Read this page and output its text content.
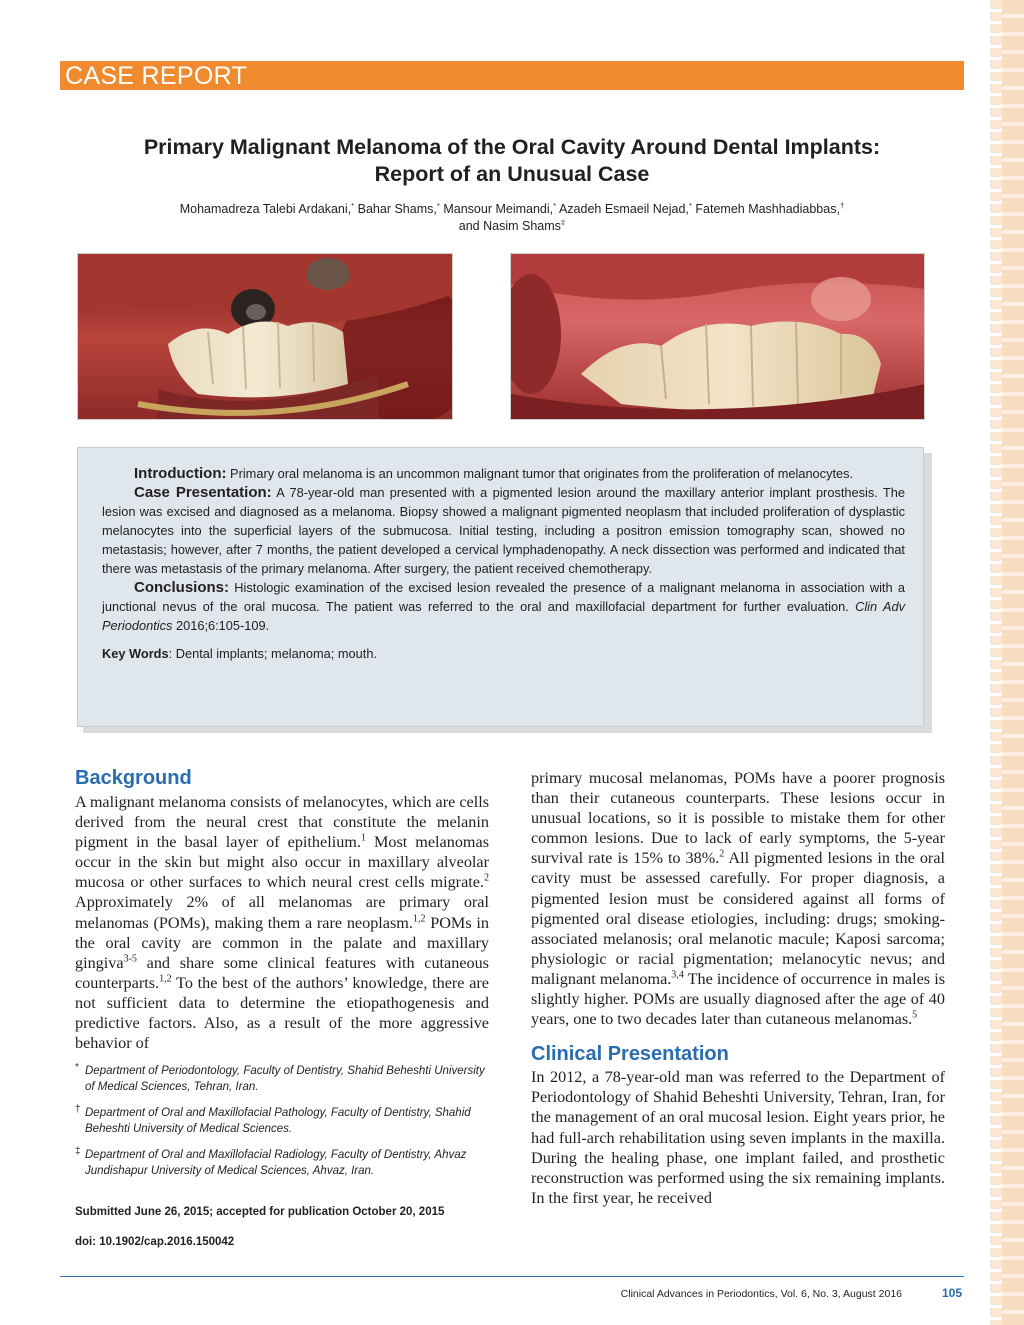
CASE REPORT
Primary Malignant Melanoma of the Oral Cavity Around Dental Implants:
Report of an Unusual Case
Mohamadreza Talebi Ardakani,* Bahar Shams,* Mansour Meimandi,* Azadeh Esmaeil Nejad,* Fatemeh Mashhadiabbas,†
and Nasim Shams‡

Introduction: Primary oral melanoma is an uncommon malignant tumor that originates from the proliferation of melanocytes.

Case Presentation: A 78-year-old man presented with a pigmented lesion around the maxillary anterior implant prosthesis. The lesion was excised and diagnosed as a melanoma. Biopsy showed a malignant pigmented neoplasm that included proliferation of dysplastic melanocytes into the superficial layers of the submucosa. Initial testing, including a positron emission tomography scan, showed no metastasis; however, after 7 months, the patient developed a cervical lymphadenopathy. A neck dissection was performed and indicated that there was metastasis of the primary melanoma. After surgery, the patient received chemotherapy.

Conclusions: Histologic examination of the excised lesion revealed the presence of a malignant melanoma in association with a junctional nevus of the oral mucosa. The patient was referred to the oral and maxillofacial department for further evaluation. Clin Adv Periodontics 2016;6:105-109.

Key Words: Dental implants; melanoma; mouth.

Background

A malignant melanoma consists of melanocytes, which are cells derived from the neural crest that constitute the melanin pigment in the basal layer of epithelium.$^1$ Most melanomas occur in the skin but might also occur in maxillary alveolar mucosa or other surfaces to which neural crest cells migrate.$^2$ Approximately 2% of all melanomas are primary oral melanomas (POMs), making them a rare neoplasm.$^{1,2}$ POMs in the oral cavity are common in the palate and maxillary gingiva$^{3-5}$ and share some clinical features with cutaneous counterparts.$^{1,2}$ To the best of the authors’ knowledge, there are not sufficient data to determine the etiopathogenesis and predictive factors. Also, as a result of the more aggressive behavior of

* Department of Periodontology, Faculty of Dentistry, Shahid Beheshti University of Medical Sciences, Tehran, Iran.
† Department of Oral and Maxillofacial Pathology, Faculty of Dentistry, Shahid Beheshti University of Medical Sciences.
‡ Department of Oral and Maxillofacial Radiology, Faculty of Dentistry, Ahvaz Jundishapur University of Medical Sciences, Ahvaz, Iran.
Submitted June 26, 2015; accepted for publication October 20, 2015
doi: 10.1902/cap.2016.150042

primary mucosal melanomas, POMs have a poorer prognosis than their cutaneous counterparts. These lesions occur in unusual locations, so it is possible to mistake them for other common lesions. Due to lack of early symptoms, the 5-year survival rate is 15% to 38%.$^2$ All pigmented lesions in the oral cavity must be assessed carefully. For proper diagnosis, a pigmented lesion must be considered against all forms of pigmented oral disease etiologies, including: drugs; smoking-associated melanosis; oral melanotic macule; Kaposi sarcoma; physiologic or racial pigmentation; melanocytic nevus; and malignant melanoma.$^{3,4}$ The incidence of occurrence in males is slightly higher. POMs are usually diagnosed after the age of 40 years, one to two decades later than cutaneous melanomas.$^5$

Clinical Presentation

In 2012, a 78-year-old man was referred to the Department of Periodontology of Shahid Beheshti University, Tehran, Iran, for the management of an oral mucosal lesion. Eight years prior, he had full-arch rehabilitation using seven implants in the maxilla. During the healing phase, one implant failed, and prosthetic reconstruction was performed using the six remaining implants. In the first year, he received

Clinical Advances in Periodontics, Vol. 6, No. 3, August 2016	105
